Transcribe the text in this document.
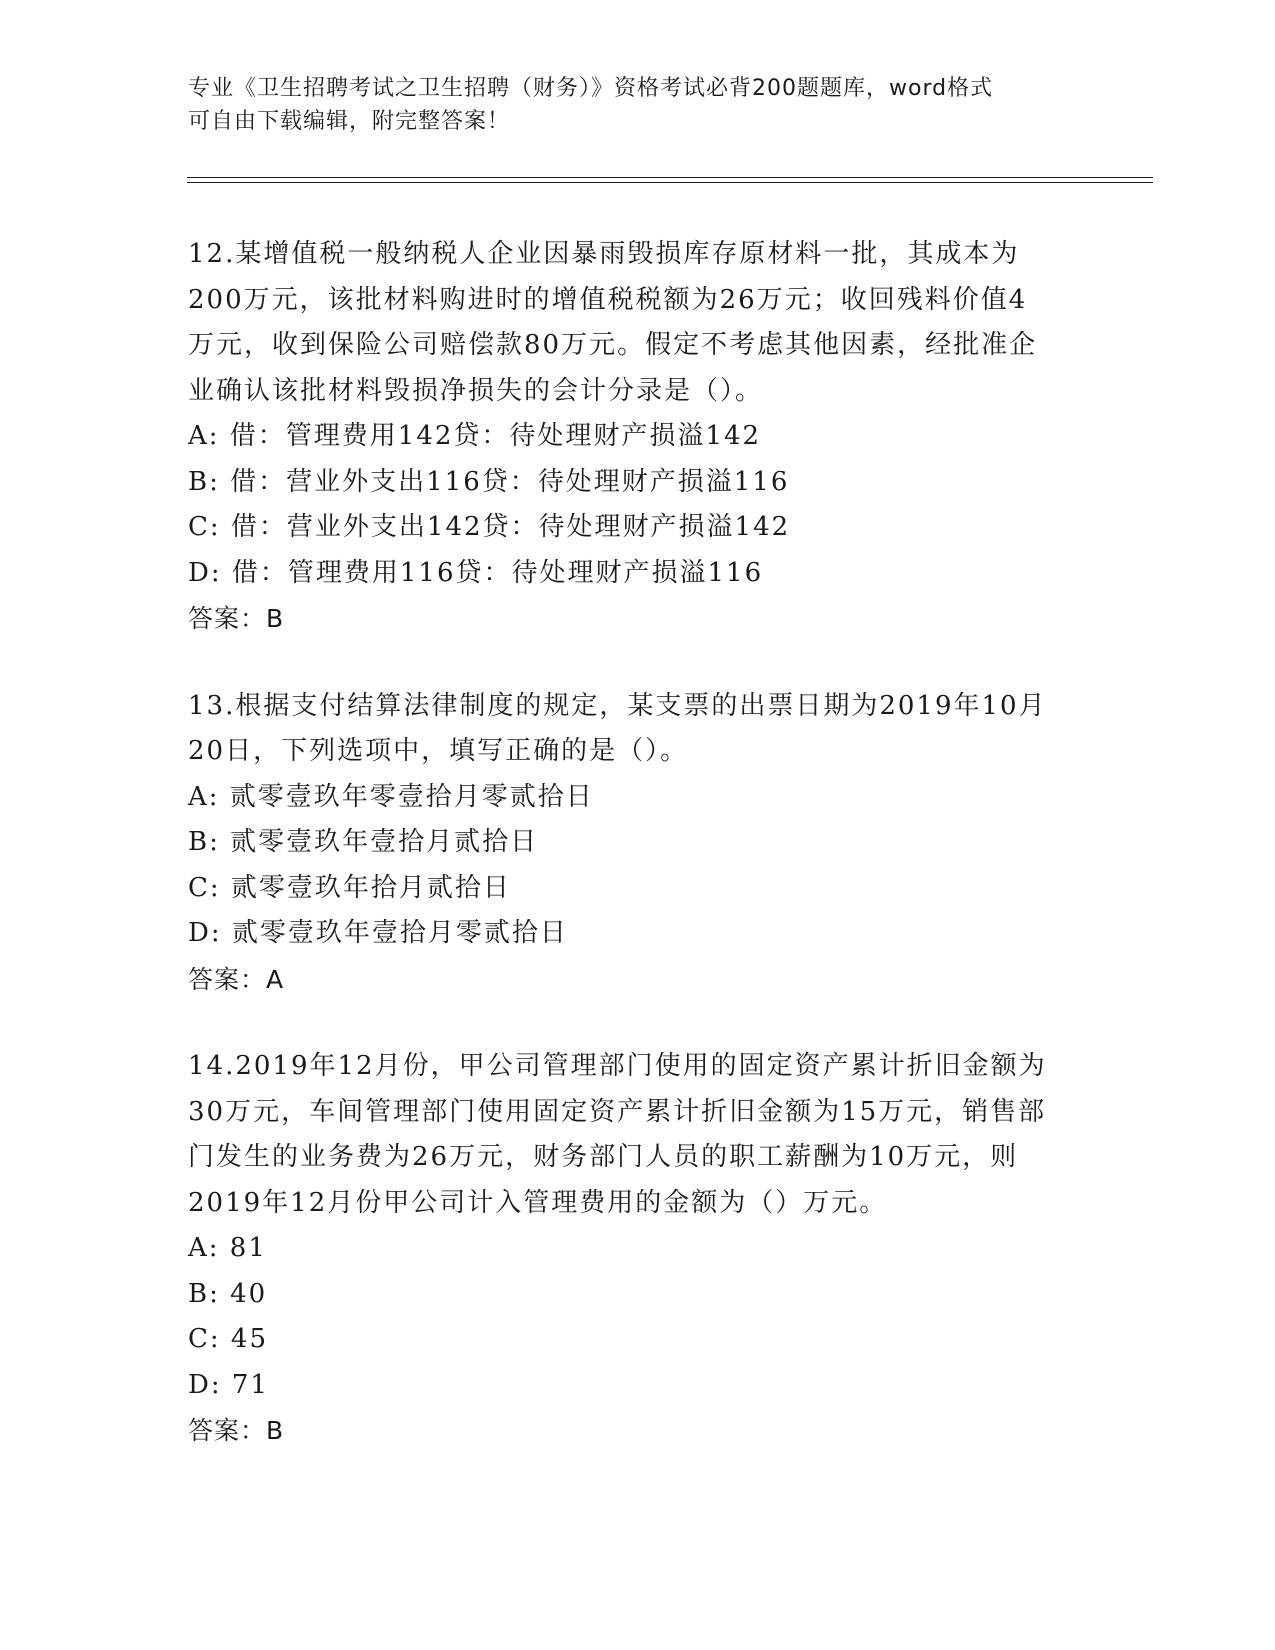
专业《卫生招聘考试之卫生招聘（财务）》资格考试必背200题题库，word格式
可自由下载编辑，附完整答案！
12.某增值税一般纳税人企业因暴雨毁损库存原材料一批，其成本为
200万元，该批材料购进时的增值税税额为26万元；收回残料价值4
万元，收到保险公司赔偿款80万元。假定不考虑其他因素，经批准企
业确认该批材料毁损净损失的会计分录是（）。
A: 借：管理费用142贷：待处理财产损溢142
B: 借：营业外支出116贷：待处理财产损溢116
C: 借：营业外支出142贷：待处理财产损溢142
D: 借：管理费用116贷：待处理财产损溢116
答案：B
13.根据支付结算法律制度的规定，某支票的出票日期为2019年10月
20日，下列选项中，填写正确的是（）。
A: 贰零壹玖年零壹拾月零贰拾日
B: 贰零壹玖年壹拾月贰拾日
C: 贰零壹玖年拾月贰拾日
D: 贰零壹玖年壹拾月零贰拾日
答案：A
14.2019年12月份，甲公司管理部门使用的固定资产累计折旧金额为
30万元，车间管理部门使用固定资产累计折旧金额为15万元，销售部
门发生的业务费为26万元，财务部门人员的职工薪酬为10万元，则
2019年12月份甲公司计入管理费用的金额为（）万元。
A: 81
B: 40
C: 45
D: 71
答案：B
